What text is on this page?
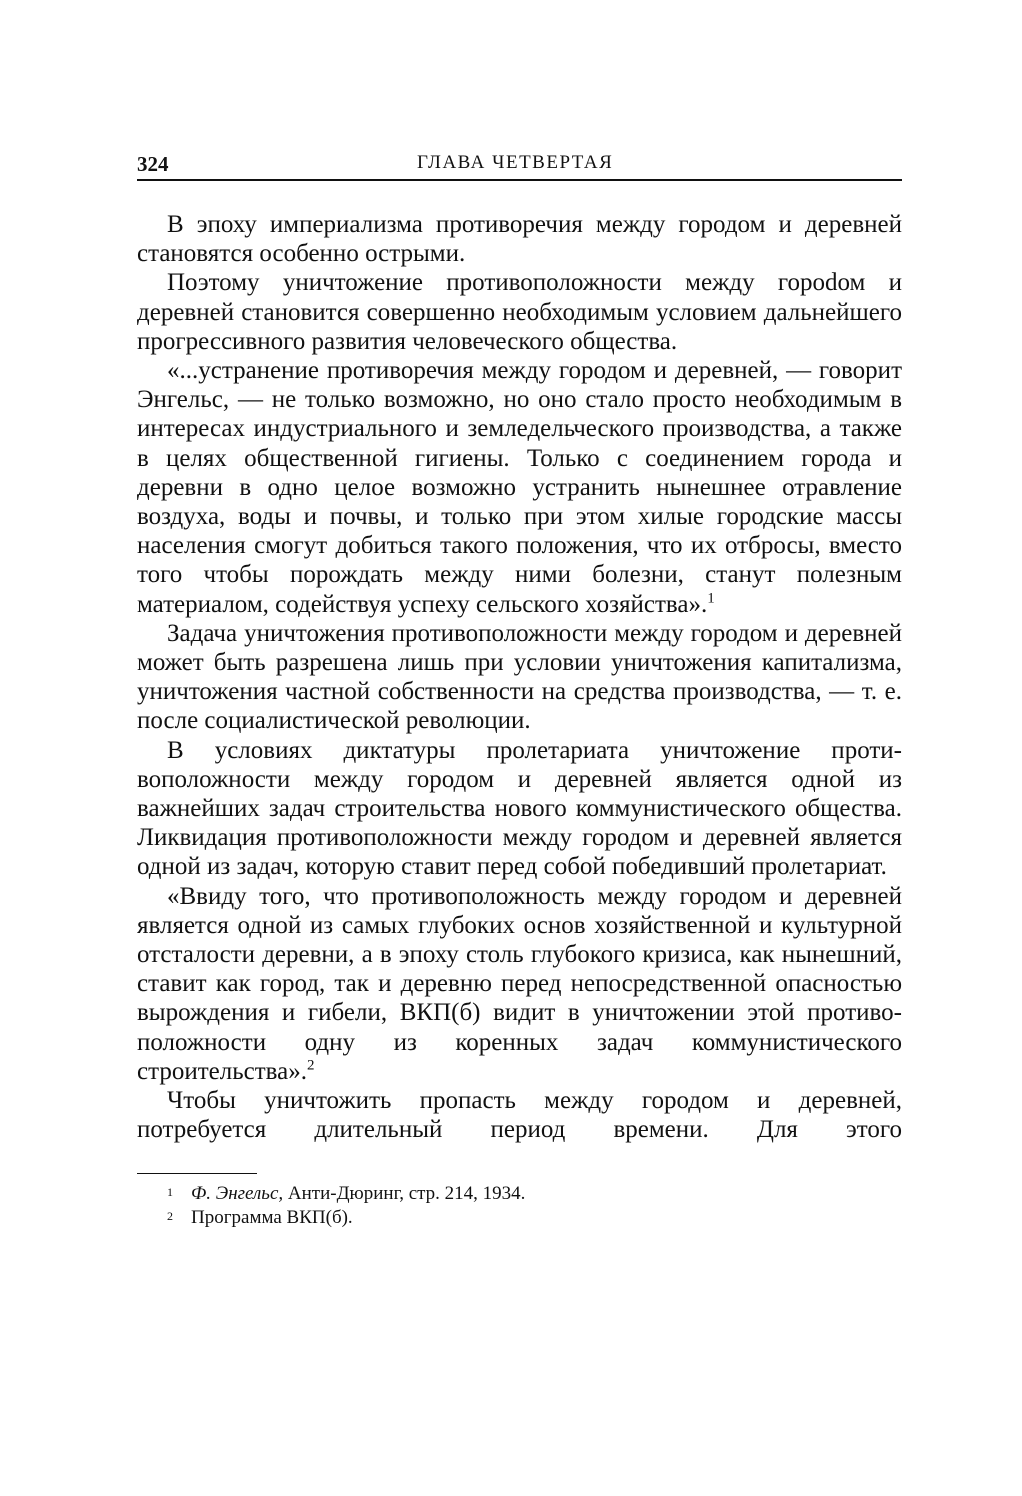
324	ГЛАВА ЧЕТВЕРТАЯ

В эпоху империализма противоречия между городом и деревней становятся особенно острыми.

Поэтому уничтожение противоположности между гороdом и деревней становится совершенно необходимым условием дальнейшего прогрессивного развития человеческого общества.

«...устранение противоречия между городом и деревней, — говорит Энгельс, — не только возможно, но оно стало просто необходимым в интересах индустриального и земледельческого производства, а также в целях общественной гигиены. Только с соединением города и деревни в одно целое возможно устранить нынешнее отравление воздуха, воды и почвы, и только при этом хилые городские массы населения смогут добиться такого положения, что их отбросы, вместо того чтобы порождать между ними болезни, станут полезным материалом, содействуя успеху сельского хозяйства».$^1$

Задача уничтожения противоположности между городом и деревней может быть разрешена лишь при условии уничтожения капитализма, уничтожения частной собственности на средства производства, — т. е. после социалистической революции.

В условиях диктатуры пролетариата уничтожение противоположности между городом и деревней является одной из важнейших задач строительства нового коммунистического общества. Ликвидация противоположности между городом и деревней является одной из задач, которую ставит перед собой победивший пролетариат.

«Ввиду того, что противоположность между городом и деревней является одной из самых глубоких основ хозяйственной и культурной отсталости деревни, а в эпоху столь глубокого кризиса, как нынешний, ставит как город, так и деревню перед непосредственной опасностью вырождения и гибели, ВКП(б) видит в уничтожении этой противоположности одну из коренных задач коммунистического строительства».$^2$

Чтобы уничтожить пропасть между городом и деревней, потребуется длительный период времени. Для этого

1 Ф. Энгельс, Анти-Дюринг, стр. 214, 1934.
2 Программа ВКП(б).
